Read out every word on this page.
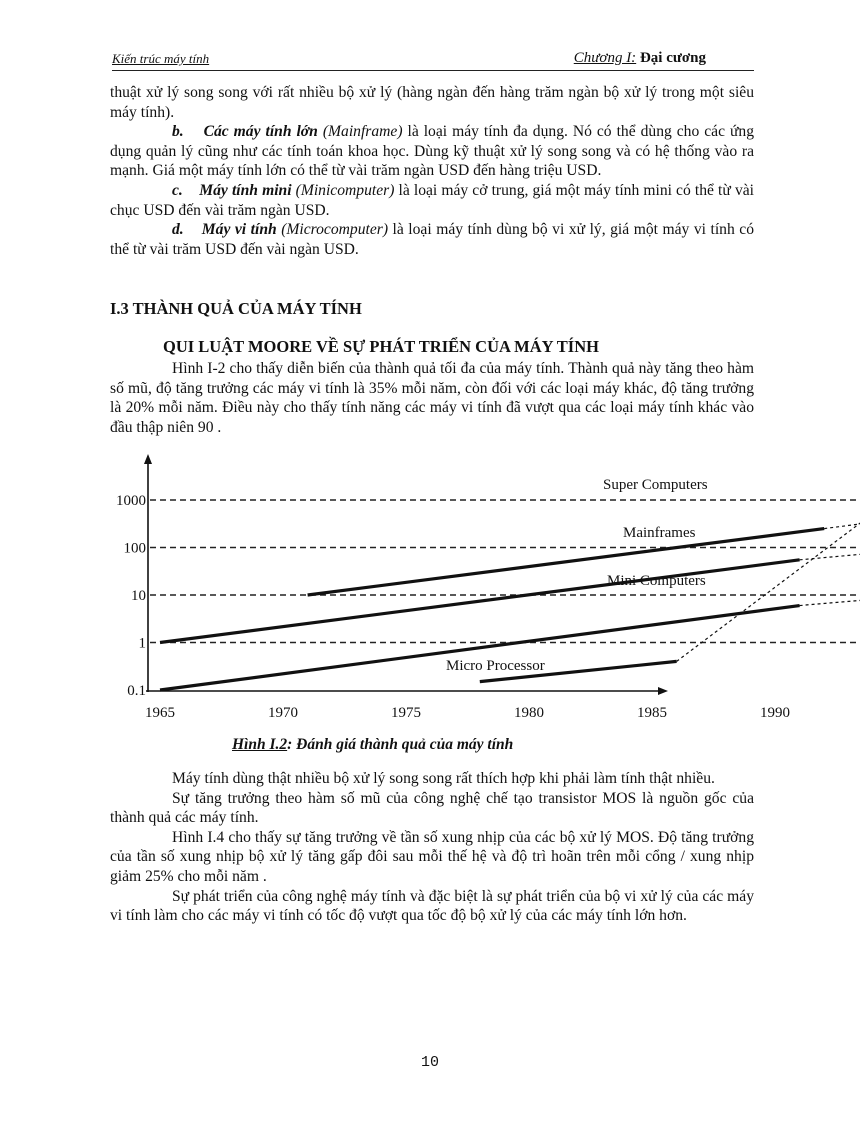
Kiến trúc máy tính	Chương I: Đại cương

thuật xử lý song song với rất nhiều bộ xử lý (hàng ngàn đến hàng trăm ngàn bộ xử lý trong một siêu máy tính).

b. Các máy tính lớn (Mainframe) là loại máy tính đa dụng. Nó có thể dùng cho các ứng dụng quản lý cũng như các tính toán khoa học. Dùng kỹ thuật xử lý song song và có hệ thống vào ra mạnh. Giá một máy tính lớn có thể từ vài trăm ngàn USD đến hàng triệu USD.

c. Máy tính mini (Minicomputer) là loại máy cở trung, giá một máy tính mini có thể từ vài chục USD đến vài trăm ngàn USD.

d. Máy vi tính (Microcomputer) là loại máy tính dùng bộ vi xử lý, giá một máy vi tính có thể từ vài trăm USD đến vài ngàn USD.

I.3 THÀNH QUẢ CỦA MÁY TÍNH
QUI LUẬT MOORE VỀ SỰ PHÁT TRIỂN CỦA MÁY TÍNH

Hình I-2 cho thấy diễn biến của thành quả tối đa của máy tính. Thành quả này tăng theo hàm số mũ, độ tăng trưởng các máy vi tính là 35% mỗi năm, còn đối với các loại máy khác, độ tăng trưởng là 20% mỗi năm. Điều này cho thấy tính năng các máy vi tính đã vượt qua các loại máy tính khác vào đầu thập niên 90 .

0.1
1
10
100
1000
1965	1970	1975	1980	1985	1990
Super Computers
Mainframes
Mini Computers
Micro Processor

Hình I.2: Đánh giá thành quả của máy tính

Máy tính dùng thật nhiều bộ xử lý song song rất thích hợp khi phải làm tính thật nhiều.

Sự tăng trưởng theo hàm số mũ của công nghệ chế tạo transistor MOS là nguồn gốc của thành quả các máy tính.

Hình I.4 cho thấy sự tăng trưởng về tần số xung nhịp của các bộ xử lý MOS. Độ tăng trưởng của tần số xung nhịp bộ xử lý tăng gấp đôi sau mỗi thế hệ và độ trì hoãn trên mỗi cổng / xung nhịp giảm 25% cho mỗi năm .

Sự phát triển của công nghệ máy tính và đặc biệt là sự phát triển của bộ vi xử lý của các máy vi tính làm cho các máy vi tính có tốc độ vượt qua tốc độ bộ xử lý của các máy tính lớn hơn.

10
